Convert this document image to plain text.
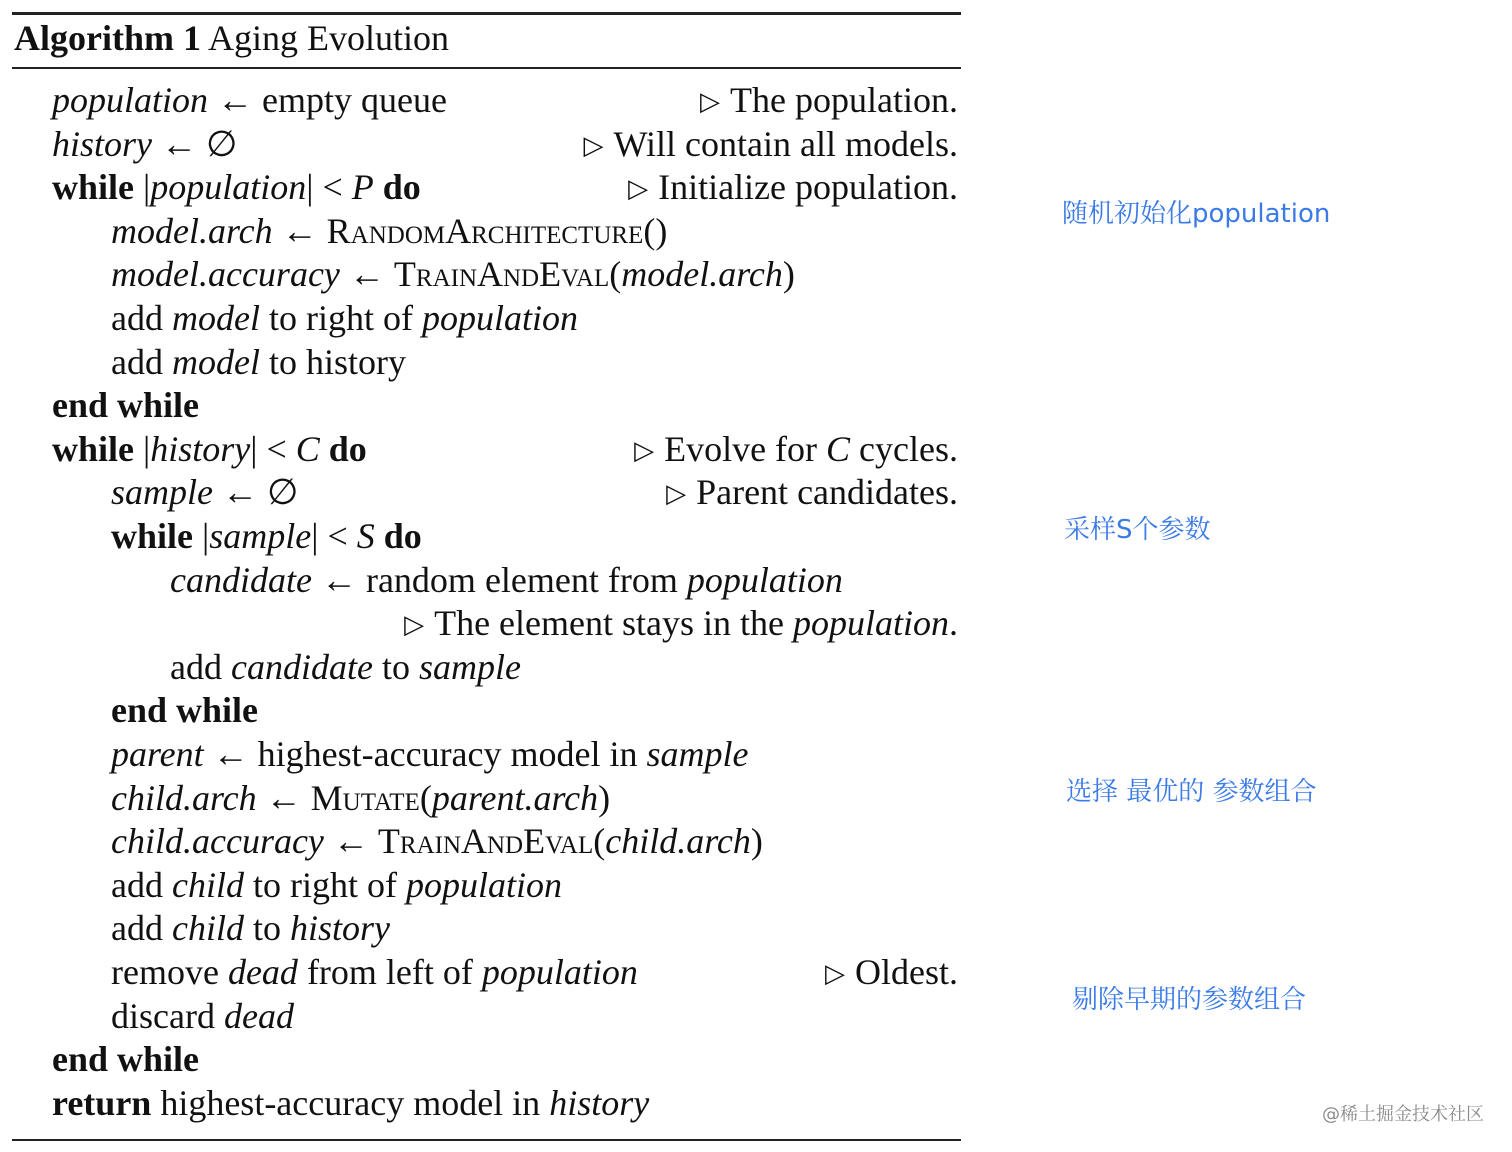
Algorithm 1 Aging Evolution
population ← empty queue	▷ The population.
history ← ∅	▷ Will contain all models.
while |population| < P do	▷ Initialize population.
model.arch ← RandomArchitecture()
model.accuracy ← TrainAndEval(model.arch)
add model to right of population
add model to history
end while
while |history| < C do	▷ Evolve for C cycles.
sample ← ∅	▷ Parent candidates.
while |sample| < S do
candidate ← random element from population
▷ The element stays in the population.
add candidate to sample
end while
parent ← highest-accuracy model in sample
child.arch ← Mutate(parent.arch)
child.accuracy ← TrainAndEval(child.arch)
add child to right of population
add child to history
remove dead from left of population	▷ Oldest.
discard dead
end while
return highest-accuracy model in history
随机初始化population
采样S个参数
选择 最优的 参数组合
剔除早期的参数组合
@稀土掘金技术社区
